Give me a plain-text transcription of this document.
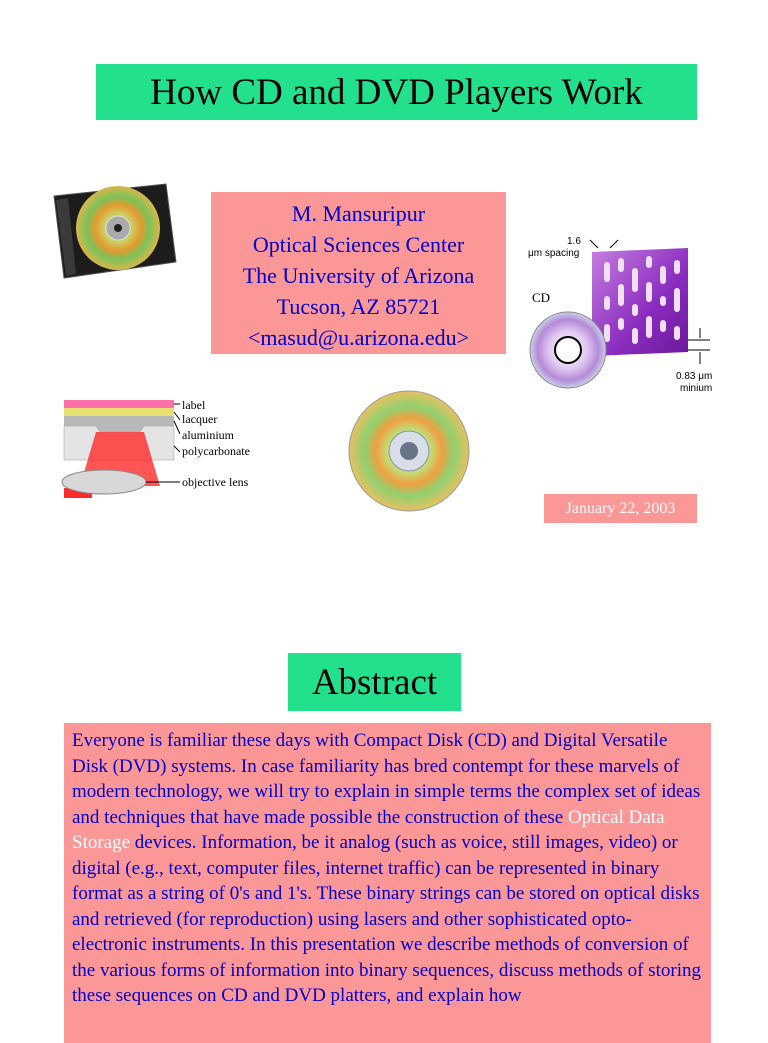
How CD and DVD Players Work
M. Mansuripur
Optical Sciences Center
The University of Arizona
Tucson, AZ 85721
<masud@u.arizona.edu>
1.6
μm spacing
CD
0.83 μm
minium
label
lacquer
aluminium
polycarbonate
objective lens
January 22, 2003
Abstract
Everyone is familiar these days with Compact Disk (CD) and Digital Versatile Disk (DVD) systems. In case familiarity has bred contempt for these marvels of modern technology, we will try to explain in simple terms the complex set of ideas and techniques that have made possible the construction of these Optical Data Storage devices. Information, be it analog (such as voice, still images, video) or digital (e.g., text, computer files, internet traffic) can be represented in binary format as a string of 0's and 1's. These binary strings can be stored on optical disks and retrieved (for reproduction) using lasers and other sophisticated opto-electronic instruments. In this presentation we describe methods of conversion of the various forms of information into binary sequences, discuss methods of storing these sequences on CD and DVD platters, and explain how
